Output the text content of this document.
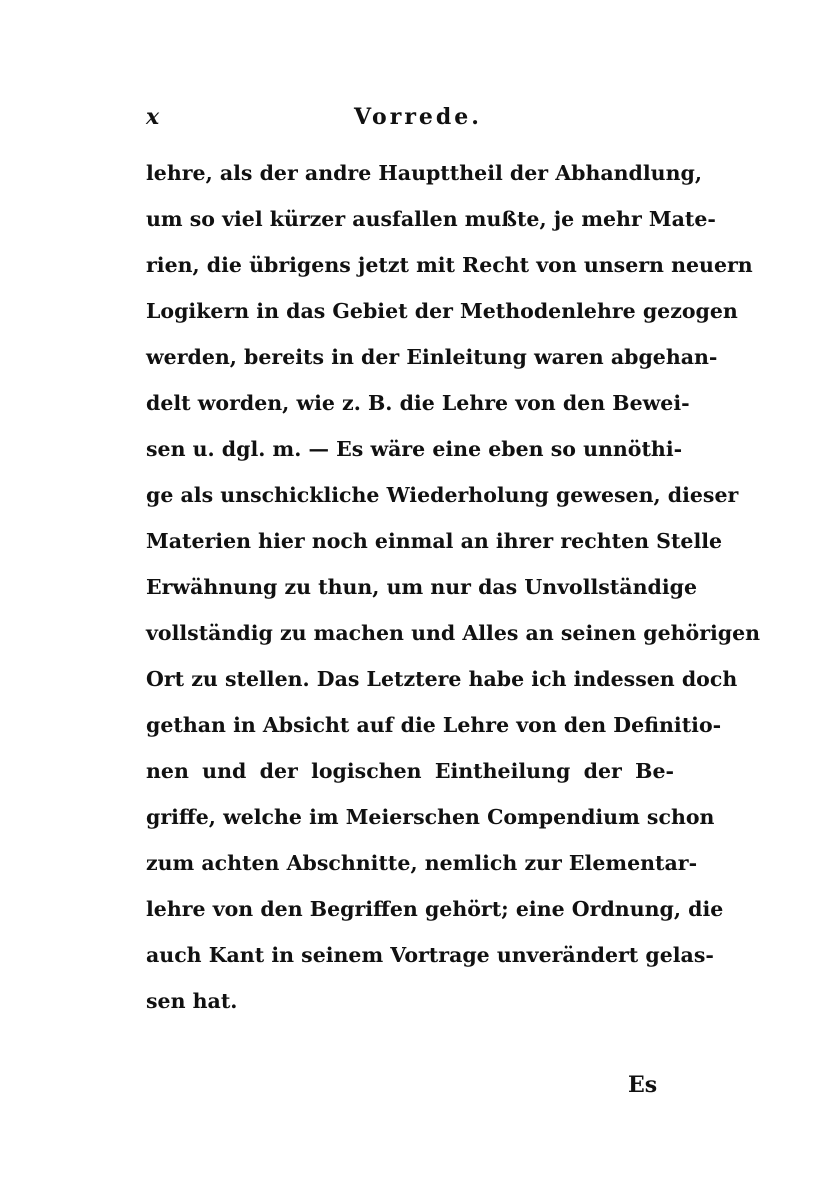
x	Vorrede.
lehre, als der andre Haupttheil der Abhandlung,
um so viel kürzer ausfallen mußte, je mehr Mate-
rien, die übrigens jetzt mit Recht von unsern neuern
Logikern in das Gebiet der Methodenlehre gezogen
werden, bereits in der Einleitung waren abgehan-
delt worden, wie z. B. die Lehre von den Bewei-
sen u. dgl. m. — Es wäre eine eben so unnöthi-
ge als unschickliche Wiederholung gewesen, dieser
Materien hier noch einmal an ihrer rechten Stelle
Erwähnung zu thun, um nur das Unvollständige
vollständig zu machen und Alles an seinen gehörigen
Ort zu stellen. Das Letztere habe ich indessen doch
gethan in Absicht auf die Lehre von den Definitio-
nen und der logischen Eintheilung der Be-
griffe, welche im Meierschen Compendium schon
zum achten Abschnitte, nemlich zur Elementar-
lehre von den Begriffen gehört; eine Ordnung, die
auch Kant in seinem Vortrage unverändert gelas-
sen hat.
Es
